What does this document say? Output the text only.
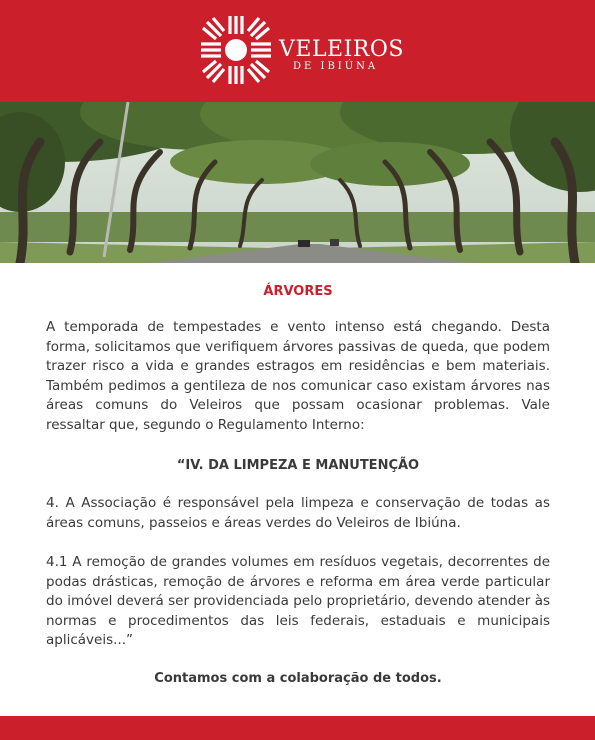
VELEIROS
DE IBIÚNA
ÁRVORES

A temporada de tempestades e vento intenso está chegando. Desta forma, solicitamos que verifiquem árvores passivas de queda, que podem trazer risco a vida e grandes estragos em residências e bem materiais. Também pedimos a gentileza de nos comunicar caso existam árvores nas áreas comuns do Veleiros que possam ocasionar problemas. Vale ressaltar que, segundo o Regulamento Interno:

“IV. DA LIMPEZA E MANUTENÇÃO

4. A Associação é responsável pela limpeza e conservação de todas as áreas comuns, passeios e áreas verdes do Veleiros de Ibiúna.

4.1 A remoção de grandes volumes em resíduos vegetais, decorrentes de podas drásticas, remoção de árvores e reforma em área verde particular do imóvel deverá ser providenciada pelo proprietário, devendo atender às normas e procedimentos das leis federais, estaduais e municipais aplicáveis...”

Contamos com a colaboração de todos.
